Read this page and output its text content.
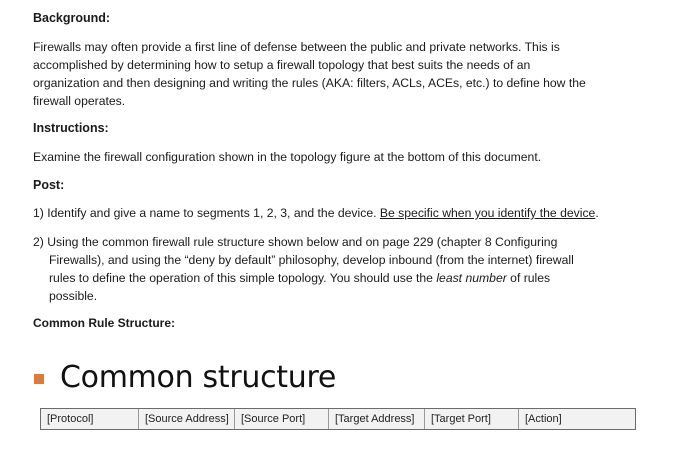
Background:
Firewalls may often provide a first line of defense between the public and private networks. This is
accomplished by determining how to setup a firewall topology that best suits the needs of an
organization and then designing and writing the rules (AKA: filters, ACLs, ACEs, etc.) to define how the
firewall operates.
Instructions:
Examine the firewall configuration shown in the topology figure at the bottom of this document.
Post:
1) Identify and give a name to segments 1, 2, 3, and the device. Be specific when you identify the device.
2) Using the common firewall rule structure shown below and on page 229 (chapter 8 Configuring
Firewalls), and using the “deny by default” philosophy, develop inbound (from the internet) firewall
rules to define the operation of this simple topology. You should use the least number of rules
possible.
Common Rule Structure:
Common structure
[Protocol]	[Source Address]	[Source Port]	[Target Address]	[Target Port]	[Action]
